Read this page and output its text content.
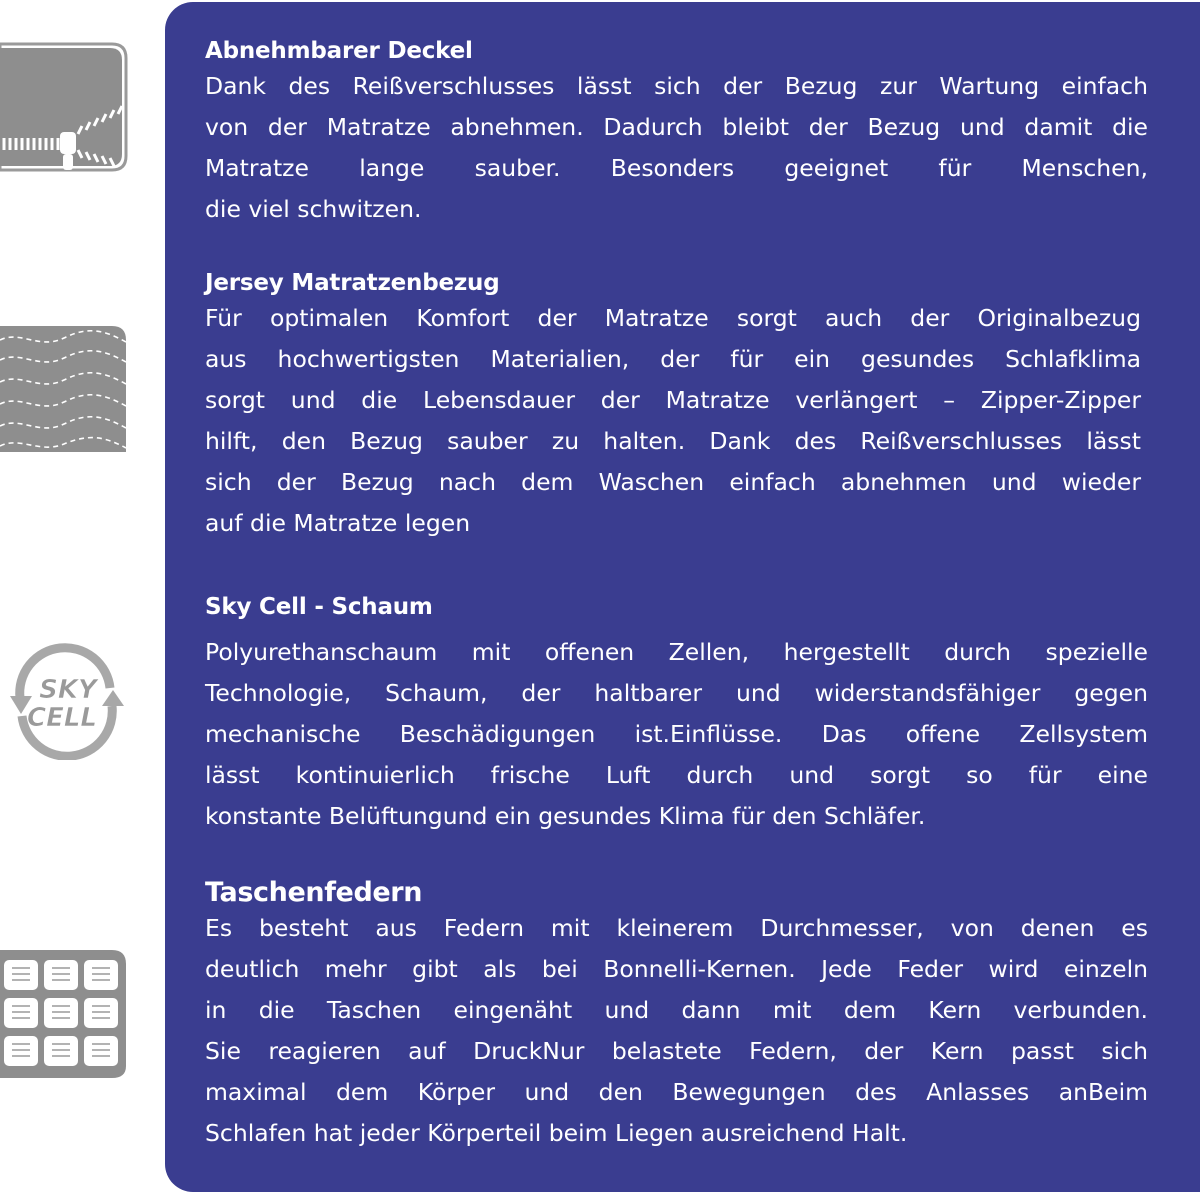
SKY
CELL
Abnehmbarer Deckel

Dank des Reißverschlusses lässt sich der Bezug zur Wartung einfach
von der Matratze abnehmen. Dadurch bleibt der Bezug und damit die
Matratze lange sauber. Besonders geeignet für Menschen,
die viel schwitzen.

Jersey Matratzenbezug

Für optimalen Komfort der Matratze sorgt auch der Originalbezug
aus hochwertigsten Materialien, der für ein gesundes Schlafklima
sorgt und die Lebensdauer der Matratze verlängert – Zipper-Zipper
hilft, den Bezug sauber zu halten. Dank des Reißverschlusses lässt
sich der Bezug nach dem Waschen einfach abnehmen und wieder
auf die Matratze legen

Sky Cell - Schaum

Polyurethanschaum mit offenen Zellen, hergestellt durch spezielle
Technologie, Schaum, der haltbarer und widerstandsfähiger gegen
mechanische Beschädigungen ist.Einflüsse. Das offene Zellsystem
lässt kontinuierlich frische Luft durch und sorgt so für eine
konstante Belüftungund ein gesundes Klima für den Schläfer.

Taschenfedern

Es besteht aus Federn mit kleinerem Durchmesser, von denen es
deutlich mehr gibt als bei Bonnelli-Kernen. Jede Feder wird einzeln
in die Taschen eingenäht und dann mit dem Kern verbunden.
Sie reagieren auf DruckNur belastete Federn, der Kern passt sich
maximal dem Körper und den Bewegungen des Anlasses anBeim
Schlafen hat jeder Körperteil beim Liegen ausreichend Halt.
